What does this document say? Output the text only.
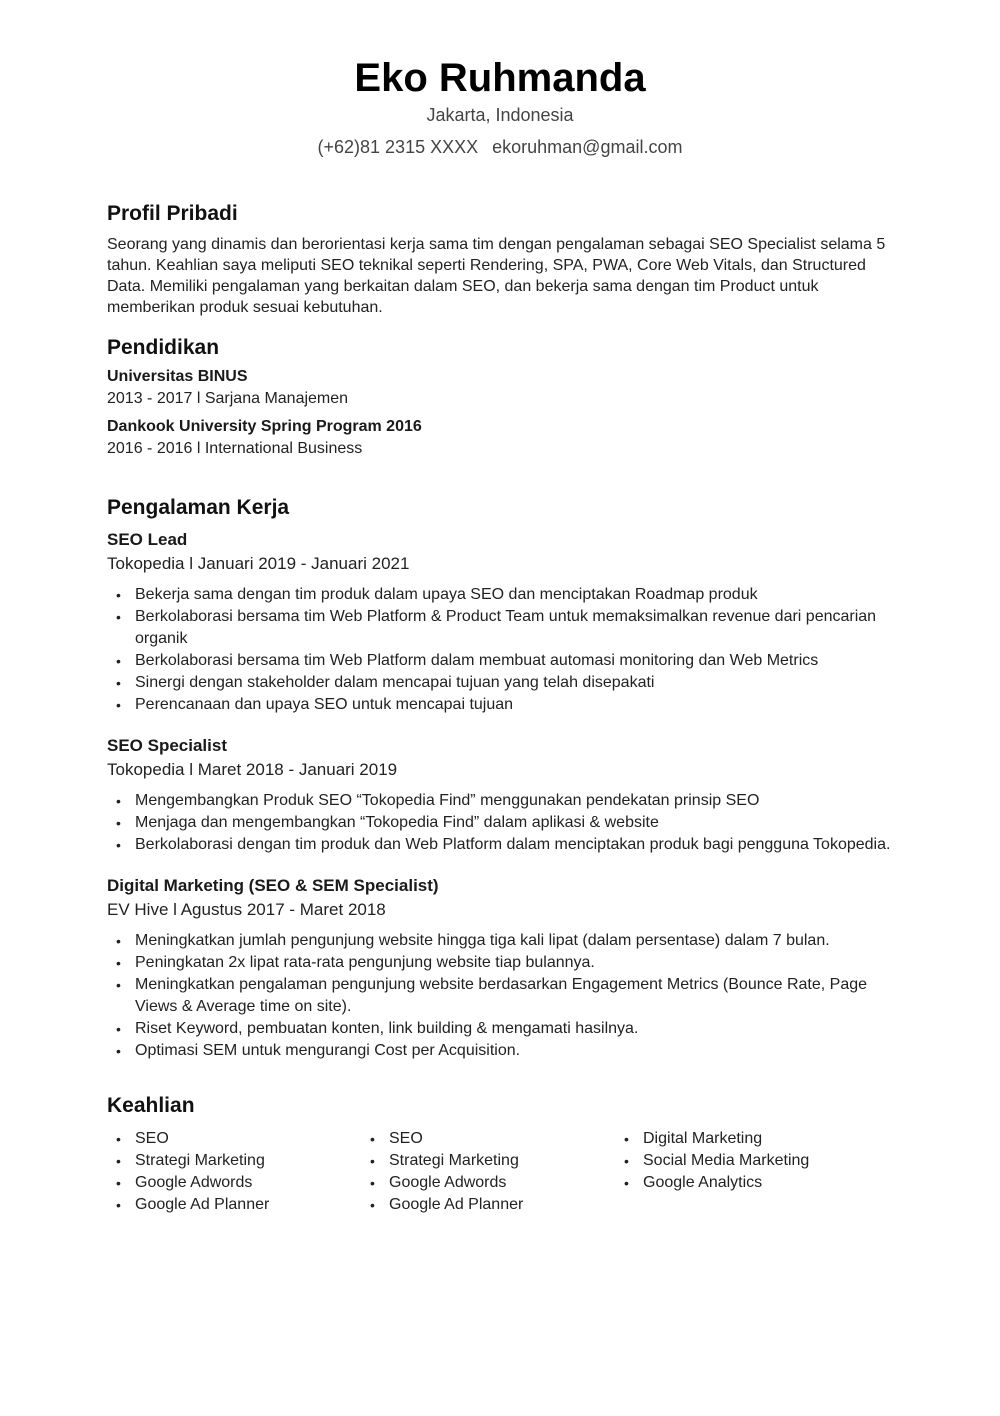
Eko Ruhmanda
Jakarta, Indonesia
(+62)81 2315 XXXX ekoruhman@gmail.com
Profil Pribadi
Seorang yang dinamis dan berorientasi kerja sama tim dengan pengalaman sebagai SEO Specialist selama 5 tahun. Keahlian saya meliputi SEO teknikal seperti Rendering, SPA, PWA, Core Web Vitals, dan Structured Data. Memiliki pengalaman yang berkaitan dalam SEO, dan bekerja sama dengan tim Product untuk memberikan produk sesuai kebutuhan.
Pendidikan
Universitas BINUS
2013 - 2017 l Sarjana Manajemen
Dankook University Spring Program 2016
2016 - 2016 l International Business
Pengalaman Kerja
SEO Lead
Tokopedia l Januari 2019 - Januari 2021
• Bekerja sama dengan tim produk dalam upaya SEO dan menciptakan Roadmap produk
• Berkolaborasi bersama tim Web Platform & Product Team untuk memaksimalkan revenue dari pencarian organik
• Berkolaborasi bersama tim Web Platform dalam membuat automasi monitoring dan Web Metrics
• Sinergi dengan stakeholder dalam mencapai tujuan yang telah disepakati
• Perencanaan dan upaya SEO untuk mencapai tujuan
SEO Specialist
Tokopedia l Maret 2018 - Januari 2019
• Mengembangkan Produk SEO “Tokopedia Find” menggunakan pendekatan prinsip SEO
• Menjaga dan mengembangkan “Tokopedia Find” dalam aplikasi & website
• Berkolaborasi dengan tim produk dan Web Platform dalam menciptakan produk bagi pengguna Tokopedia.
Digital Marketing (SEO & SEM Specialist)
EV Hive l Agustus 2017 - Maret 2018
• Meningkatkan jumlah pengunjung website hingga tiga kali lipat (dalam persentase) dalam 7 bulan.
• Peningkatan 2x lipat rata-rata pengunjung website tiap bulannya.
• Meningkatkan pengalaman pengunjung website berdasarkan Engagement Metrics (Bounce Rate, Page Views & Average time on site).
• Riset Keyword, pembuatan konten, link building & mengamati hasilnya.
• Optimasi SEM untuk mengurangi Cost per Acquisition.
Keahlian
• SEO
• Strategi Marketing
• Google Adwords
• Google Ad Planner
• SEO
• Strategi Marketing
• Google Adwords
• Google Ad Planner
• Digital Marketing
• Social Media Marketing
• Google Analytics
